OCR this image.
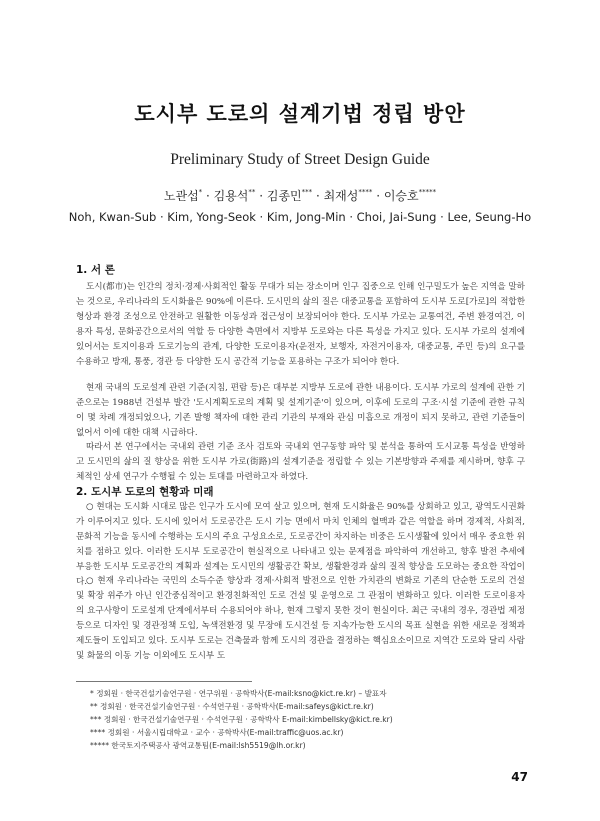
도시부 도로의 설계기법 정립 방안
Preliminary Study of Street Design Guide
노관섭* · 김용석** · 김종민*** · 최재성**** · 이승호*****
Noh, Kwan-Sub · Kim, Yong-Seok · Kim, Jong-Min · Choi, Jai-Sung · Lee, Seung-Ho
1. 서 론

도시(都市)는 인간의 정치·경제·사회적인 활동 무대가 되는 장소이며 인구 집중으로 인해 인구밀도가 높은 지역을 말하는 것으로, 우리나라의 도시화율은 90%에 이른다. 도시민의 삶의 질은 대중교통을 포함하여 도시부 도로[가로]의 적합한 형상과 환경 조성으로 안전하고 원활한 이동성과 접근성이 보장되어야 한다. 도시부 가로는 교통여건, 주변 환경여건, 이용자 특성, 문화공간으로서의 역할 등 다양한 측면에서 지방부 도로와는 다른 특성을 가지고 있다. 도시부 가로의 설계에 있어서는 토지이용과 도로기능의 관계, 다양한 도로이용자(운전자, 보행자, 자전거이용자, 대중교통, 주민 등)의 요구를 수용하고 방재, 통풍, 경관 등 다양한 도시 공간적 기능을 포용하는 구조가 되어야 한다.

현재 국내의 도로설계 관련 기준(지침, 편람 등)은 대부분 지방부 도로에 관한 내용이다. 도시부 가로의 설계에 관한 기준으로는 1988년 건설부 발간 '도시계획도로의 계획 및 설계기준'이 있으며, 이후에 도로의 구조·시설 기준에 관한 규칙이 몇 차례 개정되었으나, 기존 발행 책자에 대한 관리 기관의 부재와 관심 미흡으로 개정이 되지 못하고, 관련 기준들이 없어서 이에 대한 대책 시급하다.

따라서 본 연구에서는 국내외 관련 기준 조사 검토와 국내외 연구동향 파악 및 분석을 통하여 도시교통 특성을 반영하고 도시민의 삶의 질 향상을 위한 도시부 가로(街路)의 설계기준을 정립할 수 있는 기본방향과 주제를 제시하며, 향후 구체적인 상세 연구가 수행될 수 있는 토대를 마련하고자 하였다.

2. 도시부 도로의 현황과 미래

○ 현대는 도시화 시대로 많은 인구가 도시에 모여 살고 있으며, 현재 도시화율은 90%를 상회하고 있고, 광역도시권화가 이루어지고 있다. 도시에 있어서 도로공간은 도시 기능 면에서 마치 인체의 혈맥과 같은 역할을 하며 경제적, 사회적, 문화적 기능을 동시에 수행하는 도시의 주요 구성요소로, 도로공간이 차지하는 비중은 도시생활에 있어서 매우 중요한 위치를 점하고 있다. 이러한 도시부 도로공간이 현실적으로 나타내고 있는 문제점을 파악하여 개선하고, 향후 발전 추세에 부응한 도시부 도로공간의 계획과 설계는 도시민의 생활공간 확보, 생활환경과 삶의 질적 향상을 도모하는 중요한 작업이다.

○ 현재 우리나라는 국민의 소득수준 향상과 경제·사회적 발전으로 인한 가치관의 변화로 기존의 단순한 도로의 건설 및 확장 위주가 아닌 인간중심적이고 환경친화적인 도로 건설 및 운영으로 그 관점이 변화하고 있다. 이러한 도로이용자의 요구사항이 도로설계 단계에서부터 수용되어야 하나, 현재 그렇지 못한 것이 현실이다. 최근 국내의 경우, 경관법 제정 등으로 디자인 및 경관정책 도입, 녹색전환경 및 무장애 도시건설 등 지속가능한 도시의 목표 실현을 위한 새로운 정책과 제도들이 도입되고 있다. 도시부 도로는 건축물과 함께 도시의 경관을 결정하는 핵심요소이므로 지역간 도로와 달리 사람 및 화물의 이동 기능 이외에도 도시부 도

* 정회원 · 한국건설기술연구원 · 연구위원 · 공학박사(E-mail:ksno@kict.re.kr) – 발표자
** 정회원 · 한국건설기술연구원 · 수석연구원 · 공학박사(E-mail:safeys@kict.re.kr)
*** 정회원 · 한국건설기술연구원 · 수석연구원 · 공학박사 E-mail:kimbellsky@kict.re.kr)
**** 정회원 · 서울시립대학교 · 교수 · 공학박사(E-mail:traffic@uos.ac.kr)
***** 한국토지주택공사 광역교통팀(E-mail:lsh5519@lh.or.kr)
47
